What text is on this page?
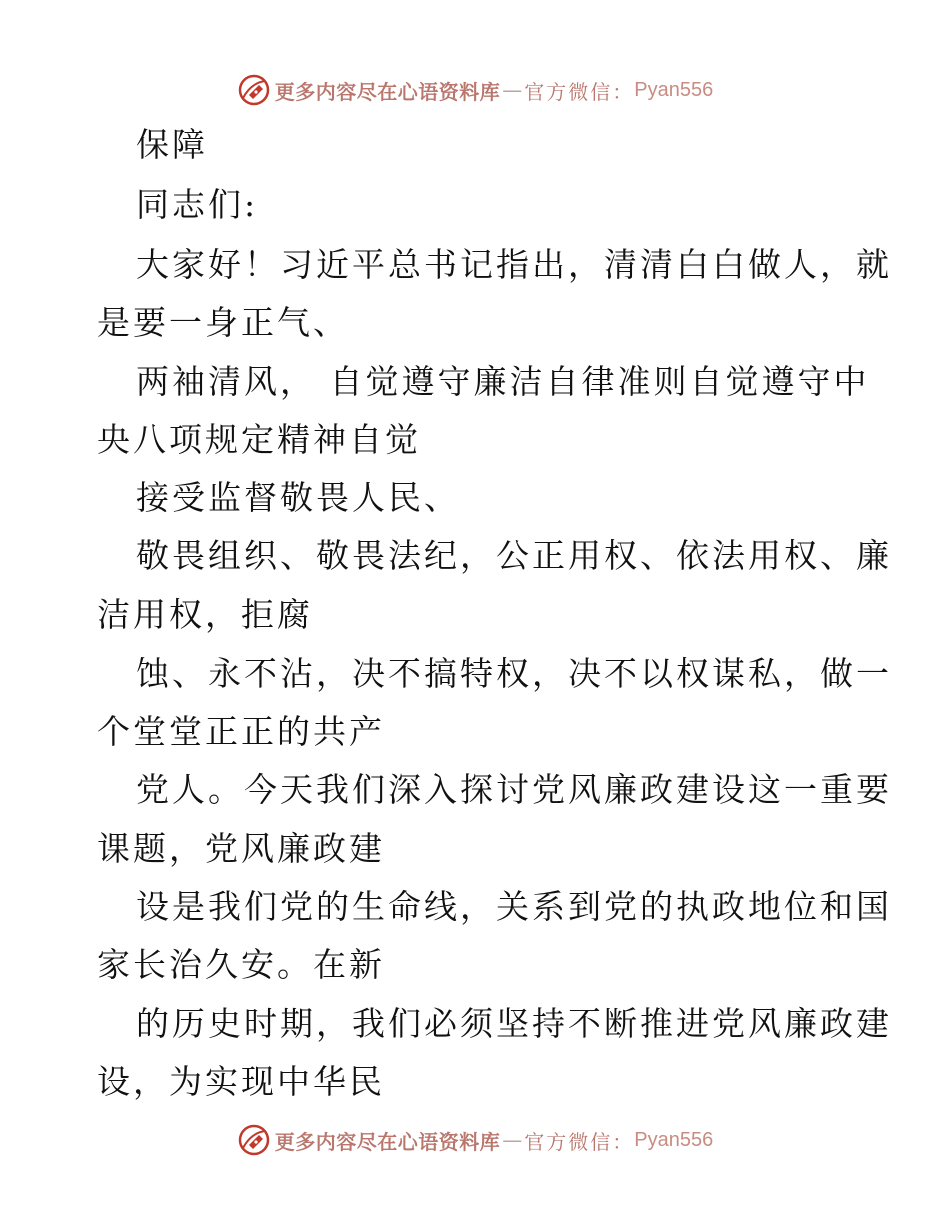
更多内容尽在心语资料库 — 官方微信： Pyan556
保障
同志们:
大家好！习近平总书记指出，清清白白做人，就
是要一身正气、
两袖清风， 自觉遵守廉洁自律准则自觉遵守中
央八项规定精神自觉
接受监督敬畏人民、
敬畏组织、敬畏法纪，公正用权、依法用权、廉
洁用权，拒腐
蚀、永不沾，决不搞特权，决不以权谋私，做一
个堂堂正正的共产
党人。今天我们深入探讨党风廉政建设这一重要
课题，党风廉政建
设是我们党的生命线，关系到党的执政地位和国
家长治久安。在新
的历史时期，我们必须坚持不断推进党风廉政建
设，为实现中华民
更多内容尽在心语资料库 — 官方微信： Pyan556
